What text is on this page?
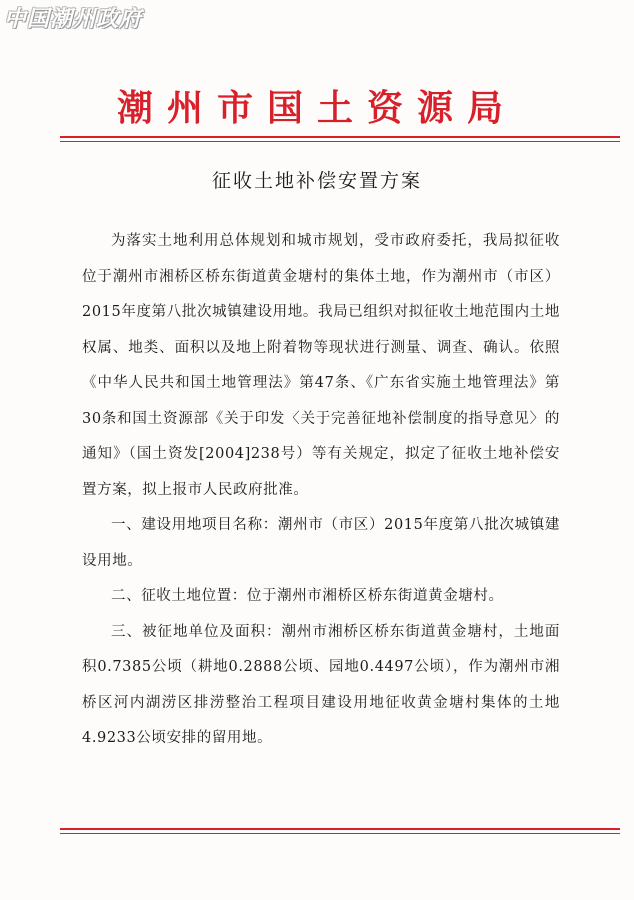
中国潮州政府
潮州市国土资源局
征收土地补偿安置方案

为落实土地利用总体规划和城市规划，受市政府委托，我局拟征收位于潮州市湘桥区桥东街道黄金塘村的集体土地，作为潮州市（市区）2015年度第八批次城镇建设用地。我局已组织对拟征收土地范围内土地权属、地类、面积以及地上附着物等现状进行测量、调查、确认。依照《中华人民共和国土地管理法》第47条、《广东省实施土地管理法》第30条和国土资源部《关于印发〈关于完善征地补偿制度的指导意见〉的通知》（国土资发[2004]238号）等有关规定，拟定了征收土地补偿安置方案，拟上报市人民政府批准。

一、建设用地项目名称：潮州市（市区）2015年度第八批次城镇建设用地。

二、征收土地位置：位于潮州市湘桥区桥东街道黄金塘村。

三、被征地单位及面积：潮州市湘桥区桥东街道黄金塘村，土地面积0.7385公顷（耕地0.2888公顷、园地0.4497公顷），作为潮州市湘桥区河内湖涝区排涝整治工程项目建设用地征收黄金塘村集体的土地4.9233公顷安排的留用地。
